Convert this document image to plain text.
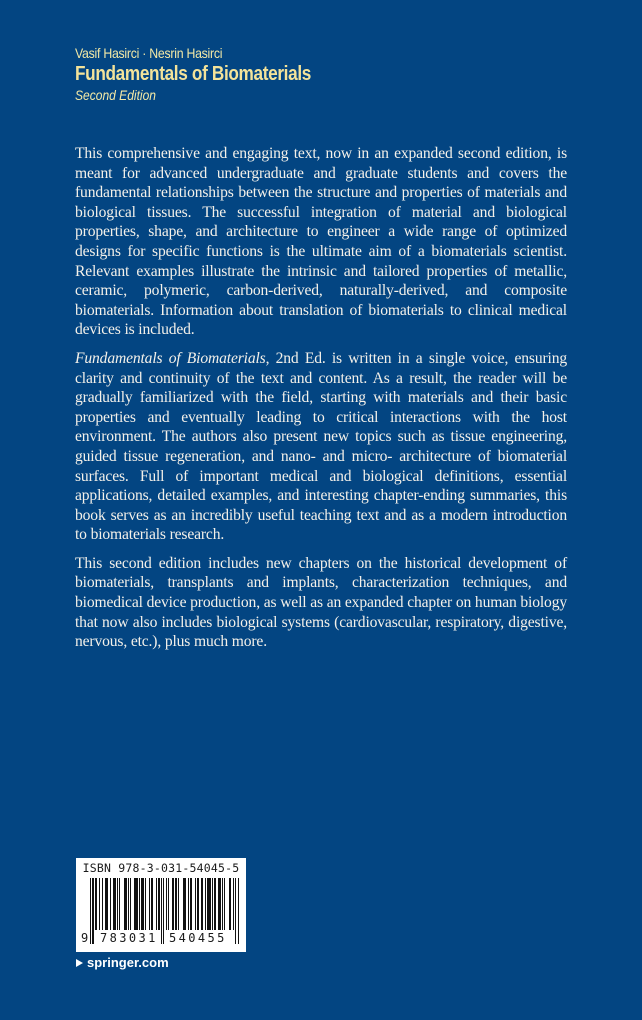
Vasif Hasirci · Nesrin Hasirci
Fundamentals of Biomaterials
Second Edition

This comprehensive and engaging text, now in an expanded second edition, is meant for advanced undergraduate and graduate students and covers the fundamental relationships between the structure and properties of materials and biological tissues. The successful integration of material and biological properties, shape, and architecture to engineer a wide range of optimized designs for specific functions is the ultimate aim of a biomaterials scientist. Relevant examples illustrate the intrinsic and tailored properties of metallic, ceramic, polymeric, carbon-derived, naturally-derived, and composite biomaterials. Information about translation of biomaterials to clinical medical devices is included.

Fundamentals of Biomaterials, 2nd Ed. is written in a single voice, ensuring clarity and continuity of the text and content. As a result, the reader will be gradually familiarized with the field, starting with materials and their basic properties and eventually leading to critical interactions with the host environment. The authors also present new topics such as tissue engineering, guided tissue regeneration, and nano- and micro- architecture of biomaterial surfaces. Full of important medical and biological definitions, essential applications, detailed examples, and interesting chapter-ending summaries, this book serves as an incredibly useful teaching text and as a modern introduction to biomaterials research.

This second edition includes new chapters on the historical development of biomaterials, transplants and implants, characterization techniques, and biomedical device production, as well as an expanded chapter on human biology that now also includes biological systems (cardiovascular, respiratory, digestive, nervous, etc.), plus much more.

ISBN 978-3-031-54045-5
9 783031 540455
springer.com
